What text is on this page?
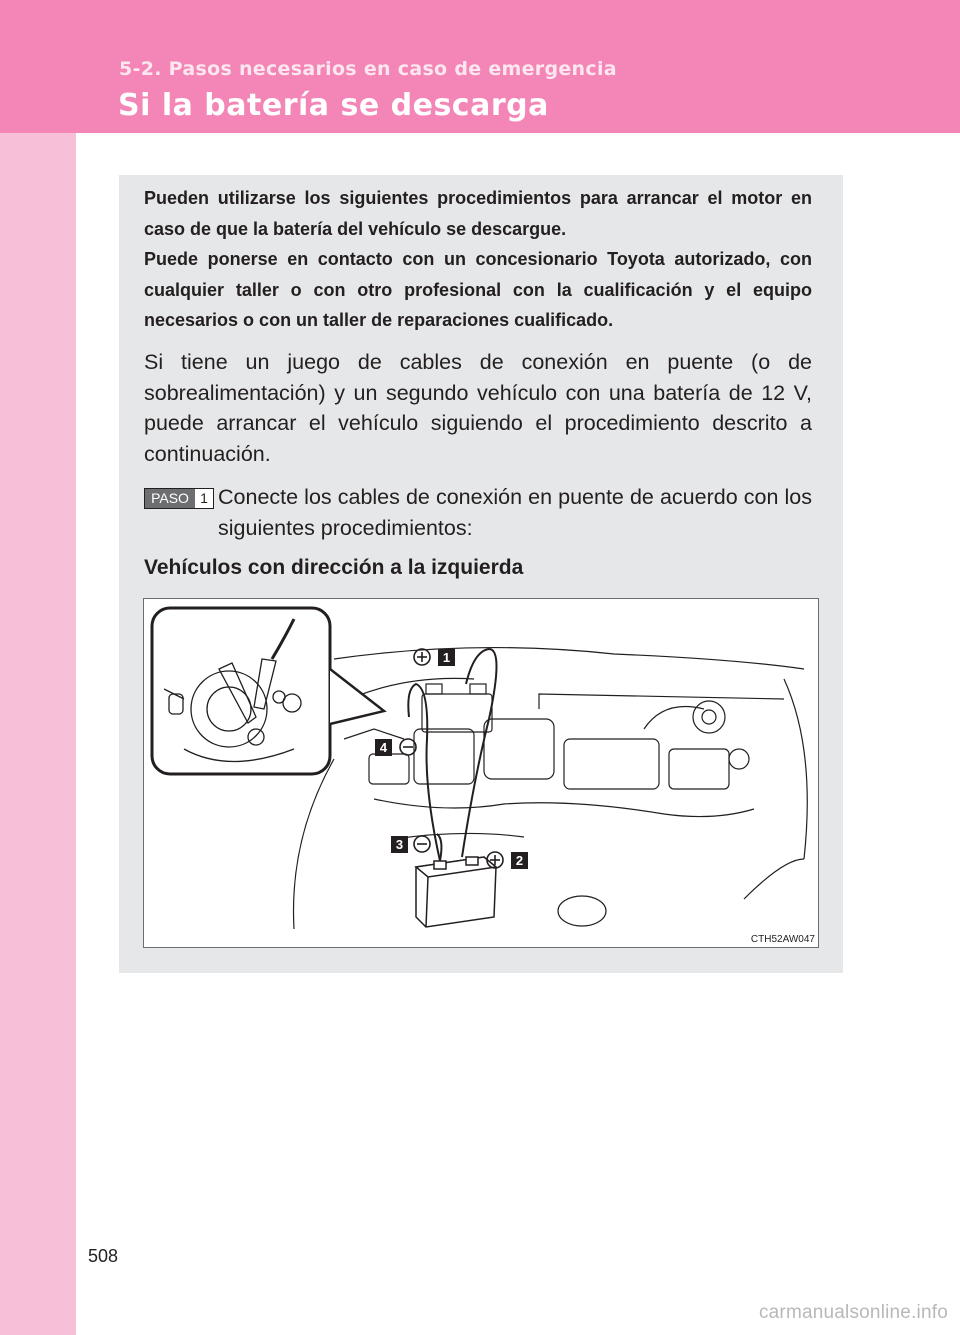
5-2. Pasos necesarios en caso de emergencia
Si la batería se descarga

Pueden utilizarse los siguientes procedimientos para arrancar el motor en caso de que la batería del vehículo se descargue.

Puede ponerse en contacto con un concesionario Toyota autorizado, con cualquier taller o con otro profesional con la cualificación y el equipo necesarios o con un taller de reparaciones cualificado.

Si tiene un juego de cables de conexión en puente (o de sobrealimentación) y un segundo vehículo con una batería de 12 V, puede arrancar el vehículo siguiendo el procedimiento descrito a continuación.

PASO 1 Conecte los cables de conexión en puente de acuerdo con los siguientes procedimientos:

Vehículos con dirección a la izquierda
1
2
3
4
CTH52AW047
508
carmanualsonline.info
